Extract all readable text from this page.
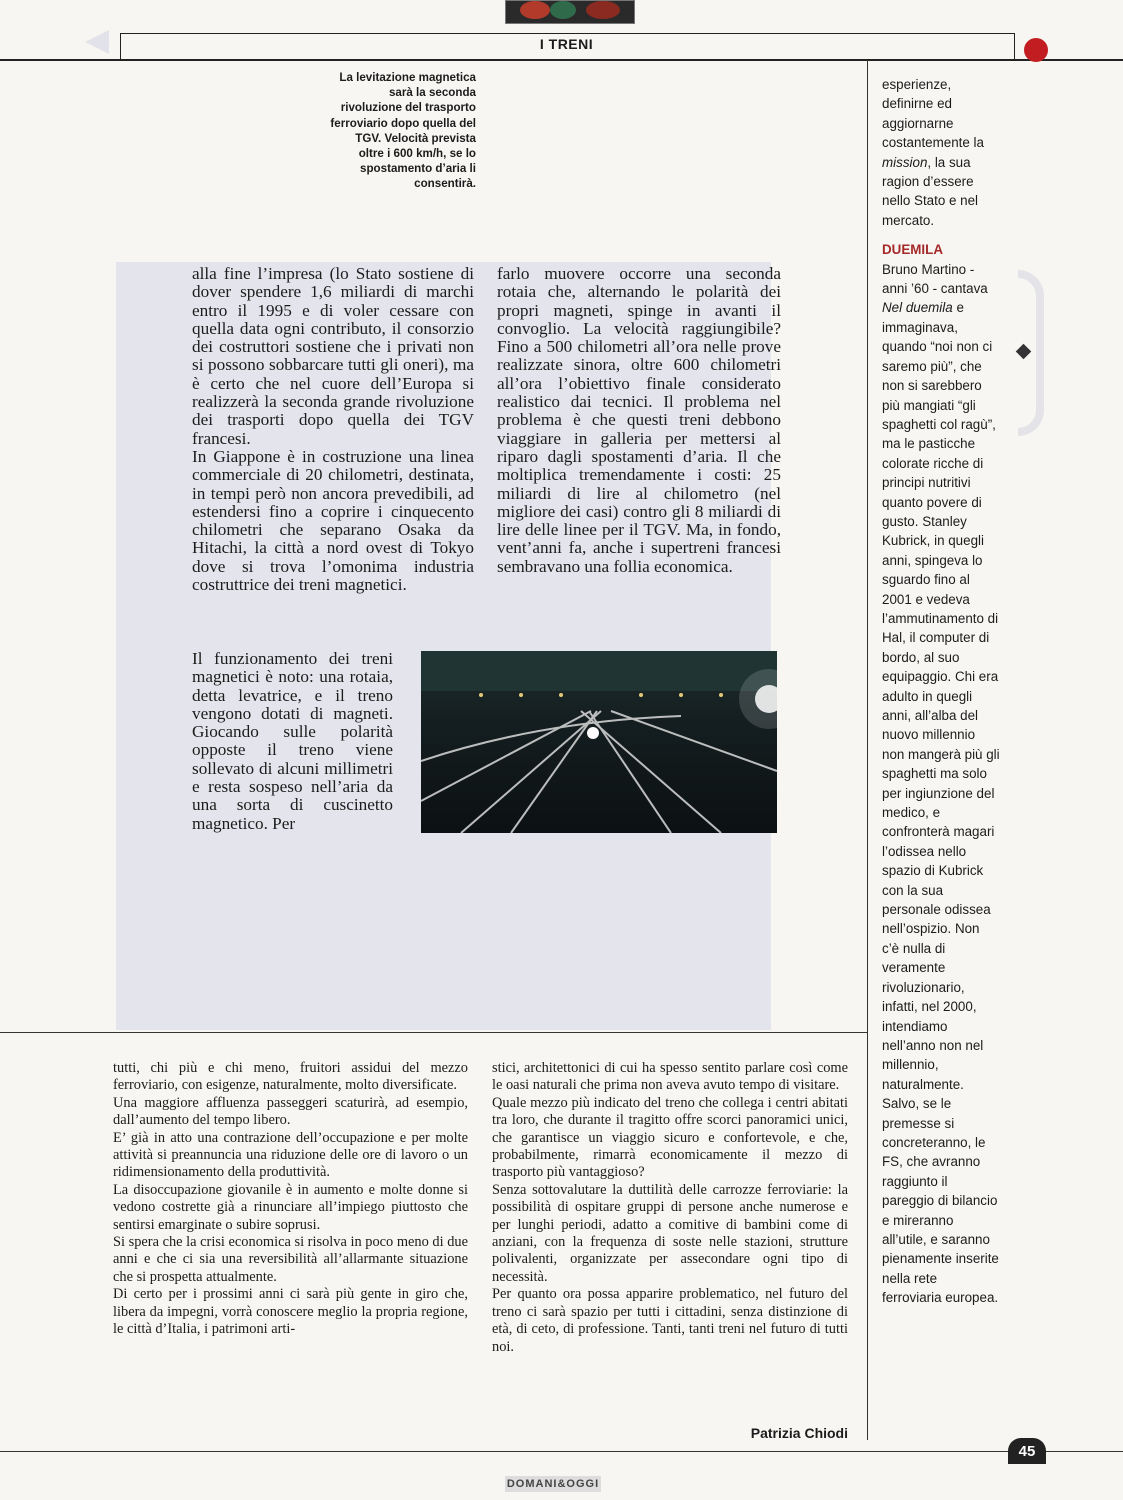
I TRENI
La levitazione magnetica sarà la seconda rivoluzione del trasporto ferroviario dopo quella del TGV. Velocità prevista oltre i 600 km/h, se lo spostamento d’aria li consentirà.

alla fine l’impresa (lo Stato sostiene di dover spendere 1,6 miliardi di marchi entro il 1995 e di voler cessare con quella data ogni contributo, il consorzio dei costruttori sostiene che i privati non si possono sobbarcare tutti gli oneri), ma è certo che nel cuore dell’Europa si realizzerà la seconda grande rivoluzione dei trasporti dopo quella dei TGV francesi.

In Giappone è in costruzione una linea commerciale di 20 chilometri, destinata, in tempi però non ancora prevedibili, ad estendersi fino a coprire i cinquecento chilometri che separano Osaka da Hitachi, la città a nord ovest di Tokyo dove si trova l’omonima industria costruttrice dei treni magnetici.

Il funzionamento dei treni magnetici è noto: una rotaia, detta levatrice, e il treno vengono dotati di magneti. Giocando sulle polarità opposte il treno viene sollevato di alcuni millimetri e resta sospeso nell’aria da una sorta di cuscinetto magnetico. Per

farlo muovere occorre una seconda rotaia che, alternando le polarità dei propri magneti, spinge in avanti il convoglio. La velocità raggiungibile? Fino a 500 chilometri all’ora nelle prove realizzate sinora, oltre 600 chilometri all’ora l’obiettivo finale considerato realistico dai tecnici. Il problema nel problema è che questi treni debbono viaggiare in galleria per mettersi al riparo dagli spostamenti d’aria. Il che moltiplica tremendamente i costi: 25 miliardi di lire al chilometro (nel migliore dei casi) contro gli 8 miliardi di lire delle linee per il TGV. Ma, in fondo, vent’anni fa, anche i supertreni francesi sembravano una follia economica.

tutti, chi più e chi meno, fruitori assidui del mezzo ferroviario, con esigenze, naturalmente, molto diversificate.

Una maggiore affluenza passeggeri scaturirà, ad esempio, dall’aumento del tempo libero.

E’ già in atto una contrazione dell’occupazione e per molte attività si preannuncia una riduzione delle ore di lavoro o un ridimensionamento della produttività.

La disoccupazione giovanile è in aumento e molte donne si vedono costrette già a rinunciare all’impiego piuttosto che sentirsi emarginate o subire soprusi.

Si spera che la crisi economica si risolva in poco meno di due anni e che ci sia una reversibilità all’allarmante situazione che si prospetta attualmente.

Di certo per i prossimi anni ci sarà più gente in giro che, libera da impegni, vorrà conoscere meglio la propria regione, le città d’Italia, i patrimoni arti-

stici, architettonici di cui ha spesso sentito parlare così come le oasi naturali che prima non aveva avuto tempo di visitare.

Quale mezzo più indicato del treno che collega i centri abitati tra loro, che durante il tragitto offre scorci panoramici unici, che garantisce un viaggio sicuro e confortevole, e che, probabilmente, rimarrà economicamente il mezzo di trasporto più vantaggioso?

Senza sottovalutare la duttilità delle carrozze ferroviarie: la possibilità di ospitare gruppi di persone anche numerose e per lunghi periodi, adatto a comitive di bambini come di anziani, con la frequenza di soste nelle stazioni, strutture polivalenti, organizzate per assecondare ogni tipo di necessità.

Per quanto ora possa apparire problematico, nel futuro del treno ci sarà spazio per tutti i cittadini, senza distinzione di età, di ceto, di professione. Tanti, tanti treni nel futuro di tutti noi.

Patrizia Chiodi

esperienze, definirne ed aggiornarne costantemente la mission, la sua ragion d’essere nello Stato e nel mercato.

DUEMILA

Bruno Martino - anni ’60 - cantava Nel duemila e immaginava, quando “noi non ci saremo più”, che non si sarebbero più mangiati “gli spaghetti col ragù”, ma le pasticche colorate ricche di principi nutritivi quanto povere di gusto. Stanley Kubrick, in quegli anni, spingeva lo sguardo fino al 2001 e vedeva l’ammutinamento di Hal, il computer di bordo, al suo equipaggio. Chi era adulto in quegli anni, all’alba del nuovo millennio non mangerà più gli spaghetti ma solo per ingiunzione del medico, e confronterà magari l’odissea nello spazio di Kubrick con la sua personale odissea nell’ospizio. Non c’è nulla di veramente rivoluzionario, infatti, nel 2000, intendiamo nell’anno non nel millennio, naturalmente. Salvo, se le premesse si concreteranno, le FS, che avranno raggiunto il pareggio di bilancio e mireranno all’utile, e saranno pienamente inserite nella rete ferroviaria europea.

45
DOMANI&OGGI
